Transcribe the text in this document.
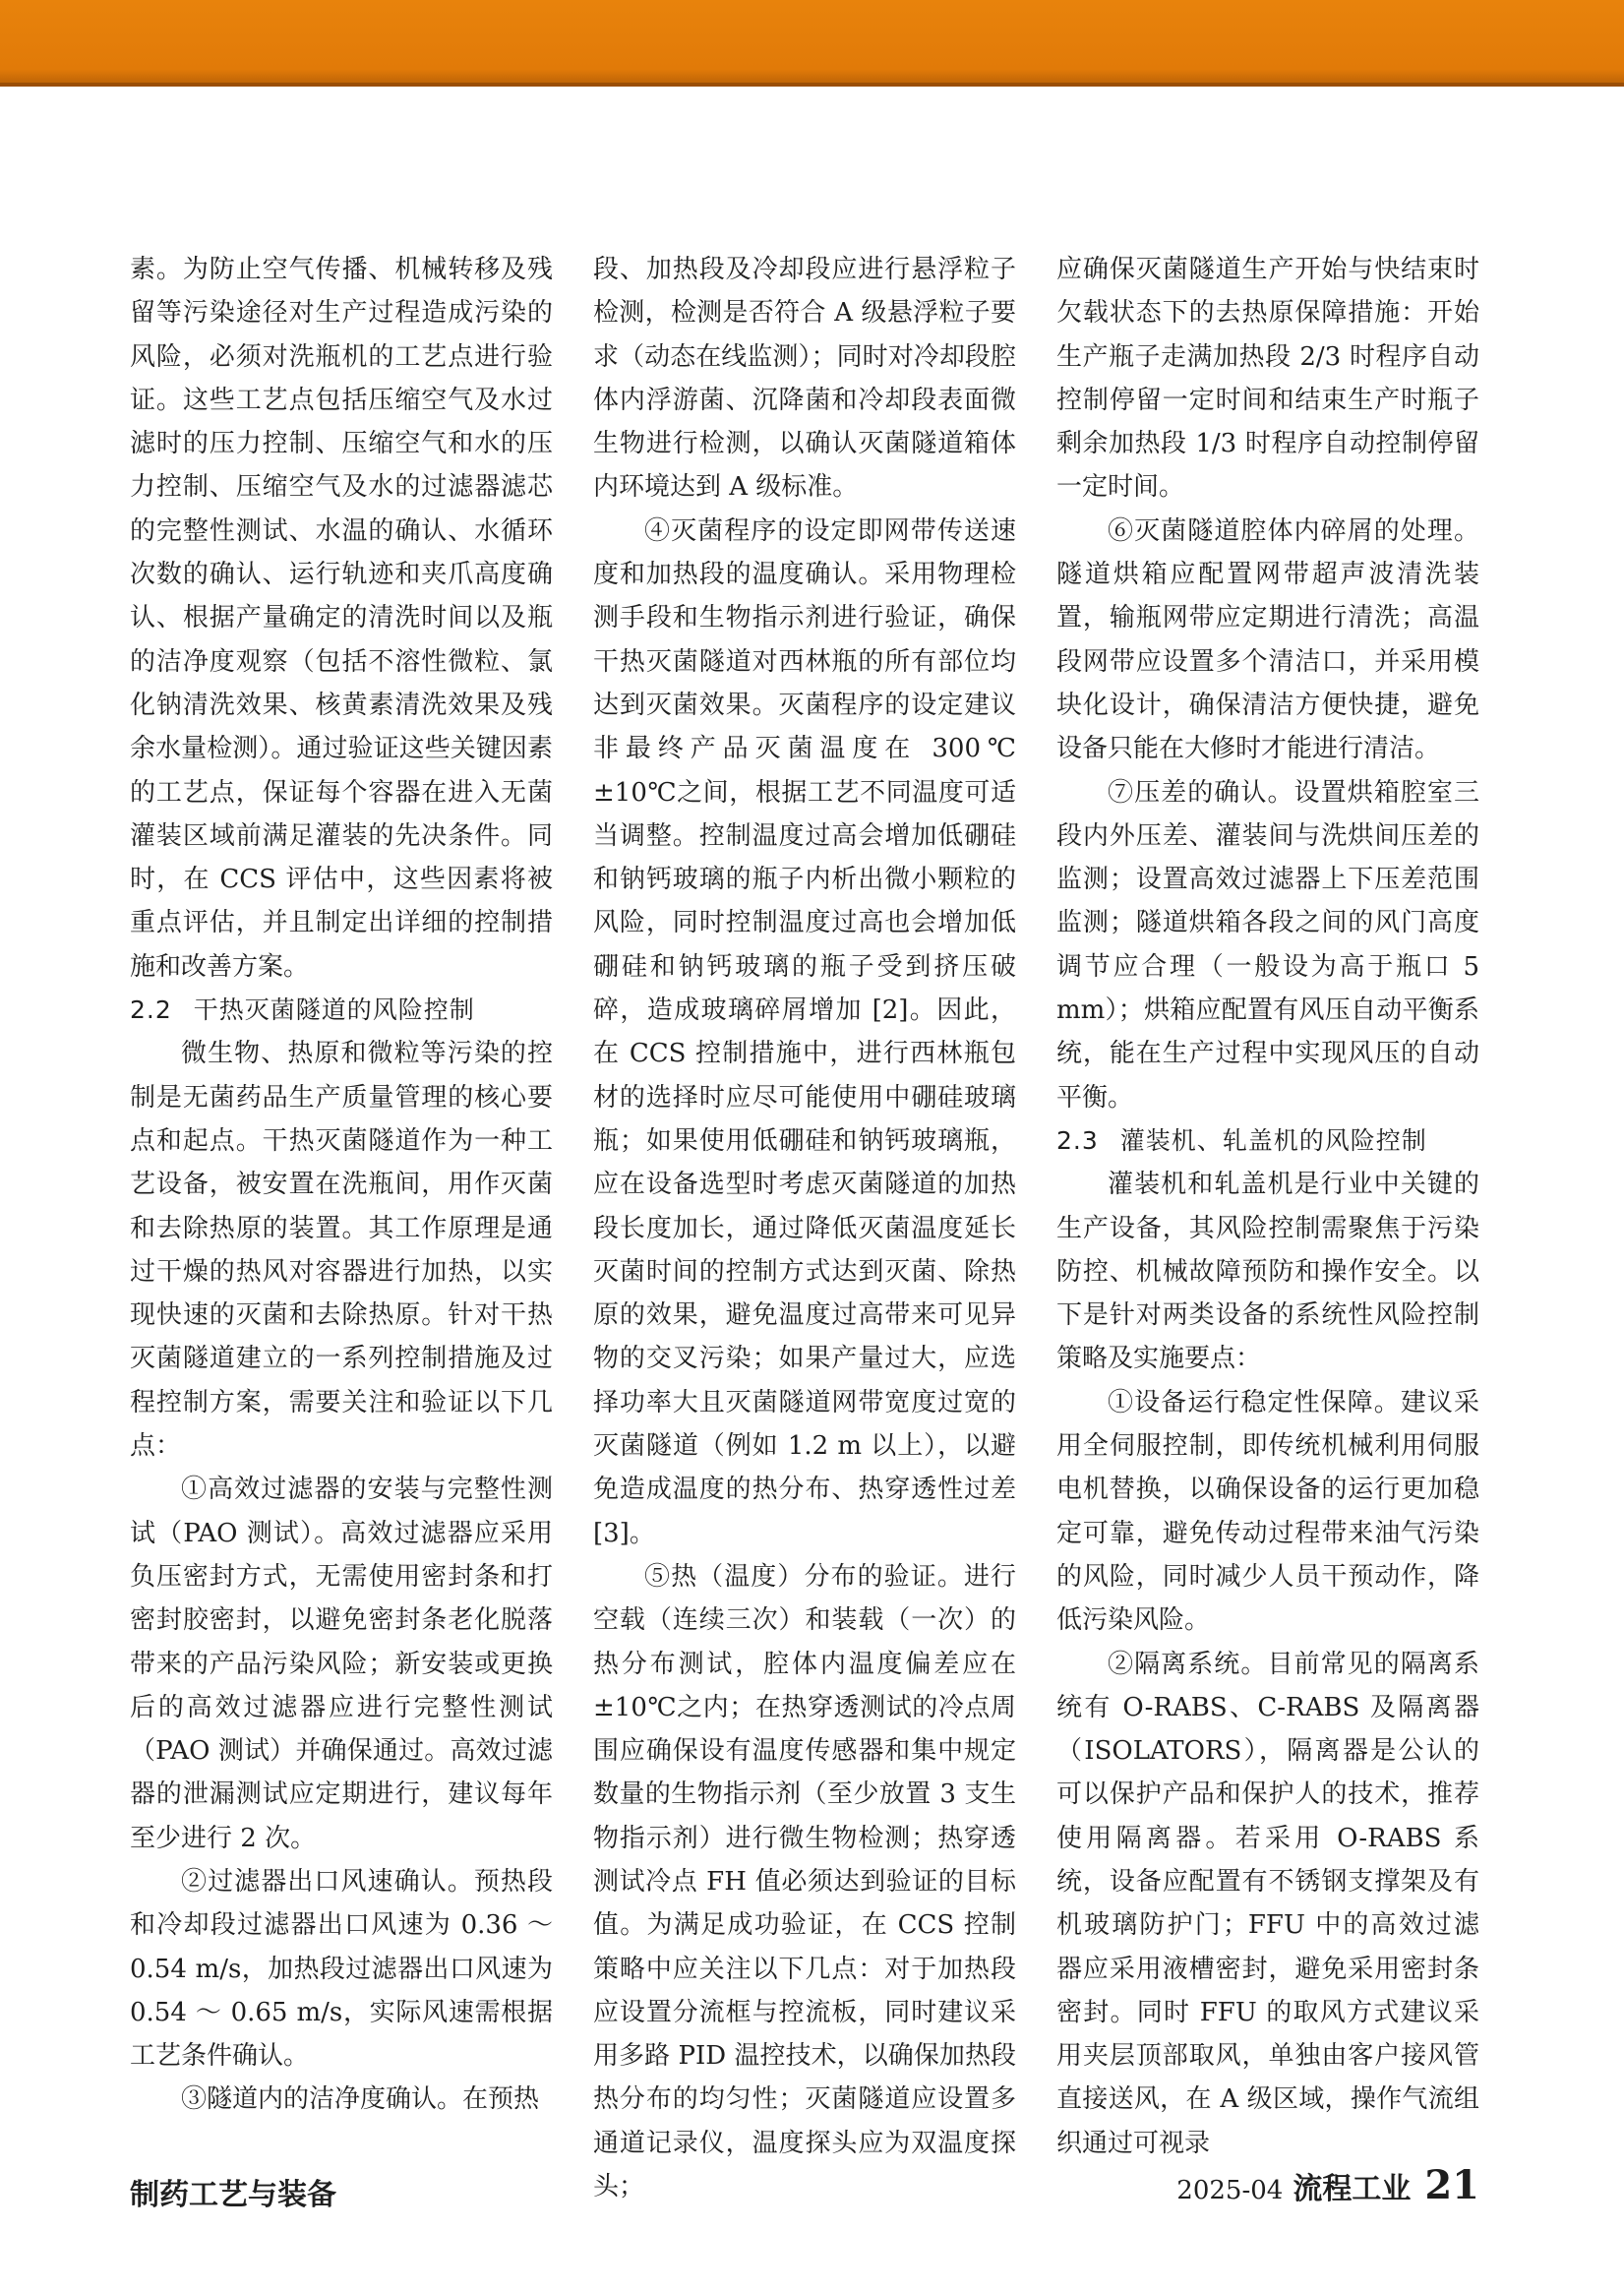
素。为防止空气传播、机械转移及残留等污染途径对生产过程造成污染的风险，必须对洗瓶机的工艺点进行验证。这些工艺点包括压缩空气及水过滤时的压力控制、压缩空气和水的压力控制、压缩空气及水的过滤器滤芯的完整性测试、水温的确认、水循环次数的确认、运行轨迹和夹爪高度确认、根据产量确定的清洗时间以及瓶的洁净度观察（包括不溶性微粒、氯化钠清洗效果、核黄素清洗效果及残余水量检测）。通过验证这些关键因素的工艺点，保证每个容器在进入无菌灌装区域前满足灌装的先决条件。同时，在 CCS 评估中，这些因素将被重点评估，并且制定出详细的控制措施和改善方案。

2.2 干热灭菌隧道的风险控制

微生物、热原和微粒等污染的控制是无菌药品生产质量管理的核心要点和起点。干热灭菌隧道作为一种工艺设备，被安置在洗瓶间，用作灭菌和去除热原的装置。其工作原理是通过干燥的热风对容器进行加热，以实现快速的灭菌和去除热原。针对干热灭菌隧道建立的一系列控制措施及过程控制方案，需要关注和验证以下几点：

①高效过滤器的安装与完整性测试（PAO 测试）。高效过滤器应采用负压密封方式，无需使用密封条和打密封胶密封，以避免密封条老化脱落带来的产品污染风险；新安装或更换后的高效过滤器应进行完整性测试（PAO 测试）并确保通过。高效过滤器的泄漏测试应定期进行，建议每年至少进行 2 次。

②过滤器出口风速确认。预热段和冷却段过滤器出口风速为 0.36 ～ 0.54 m/s，加热段过滤器出口风速为 0.54 ～ 0.65 m/s，实际风速需根据工艺条件确认。

③隧道内的洁净度确认。在预热

段、加热段及冷却段应进行悬浮粒子检测，检测是否符合 A 级悬浮粒子要求（动态在线监测）；同时对冷却段腔体内浮游菌、沉降菌和冷却段表面微生物进行检测，以确认灭菌隧道箱体内环境达到 A 级标准。

④灭菌程序的设定即网带传送速度和加热段的温度确认。采用物理检测手段和生物指示剂进行验证，确保干热灭菌隧道对西林瓶的所有部位均达到灭菌效果。灭菌程序的设定建议非最终产品灭菌温度在 300℃ ±10℃之间，根据工艺不同温度可适当调整。控制温度过高会增加低硼硅和钠钙玻璃的瓶子内析出微小颗粒的风险，同时控制温度过高也会增加低硼硅和钠钙玻璃的瓶子受到挤压破碎，造成玻璃碎屑增加 [2]。因此，在 CCS 控制措施中，进行西林瓶包材的选择时应尽可能使用中硼硅玻璃瓶；如果使用低硼硅和钠钙玻璃瓶，应在设备选型时考虑灭菌隧道的加热段长度加长，通过降低灭菌温度延长灭菌时间的控制方式达到灭菌、除热原的效果，避免温度过高带来可见异物的交叉污染；如果产量过大，应选择功率大且灭菌隧道网带宽度过宽的灭菌隧道（例如 1.2 m 以上），以避免造成温度的热分布、热穿透性过差 [3]。

⑤热（温度）分布的验证。进行空载（连续三次）和装载（一次）的热分布测试，腔体内温度偏差应在 ±10℃之内；在热穿透测试的冷点周围应确保设有温度传感器和集中规定数量的生物指示剂（至少放置 3 支生物指示剂）进行微生物检测；热穿透测试冷点 FH 值必须达到验证的目标值。为满足成功验证，在 CCS 控制策略中应关注以下几点：对于加热段应设置分流框与控流板，同时建议采用多路 PID 温控技术，以确保加热段热分布的均匀性；灭菌隧道应设置多通道记录仪，温度探头应为双温度探头；

应确保灭菌隧道生产开始与快结束时欠载状态下的去热原保障措施：开始生产瓶子走满加热段 2/3 时程序自动控制停留一定时间和结束生产时瓶子剩余加热段 1/3 时程序自动控制停留一定时间。

⑥灭菌隧道腔体内碎屑的处理。隧道烘箱应配置网带超声波清洗装置，输瓶网带应定期进行清洗；高温段网带应设置多个清洁口，并采用模块化设计，确保清洁方便快捷，避免设备只能在大修时才能进行清洁。

⑦压差的确认。设置烘箱腔室三段内外压差、灌装间与洗烘间压差的监测；设置高效过滤器上下压差范围监测；隧道烘箱各段之间的风门高度调节应合理（一般设为高于瓶口 5 mm）；烘箱应配置有风压自动平衡系统，能在生产过程中实现风压的自动平衡。

2.3 灌装机、轧盖机的风险控制

灌装机和轧盖机是行业中关键的生产设备，其风险控制需聚焦于污染防控、机械故障预防和操作安全。以下是针对两类设备的系统性风险控制策略及实施要点：

①设备运行稳定性保障。建议采用全伺服控制，即传统机械利用伺服电机替换，以确保设备的运行更加稳定可靠，避免传动过程带来油气污染的风险，同时减少人员干预动作，降低污染风险。

②隔离系统。目前常见的隔离系统有 O-RABS、C-RABS 及隔离器（ISOLATORS），隔离器是公认的可以保护产品和保护人的技术，推荐使用隔离器。若采用 O-RABS 系统，设备应配置有不锈钢支撑架及有机玻璃防护门；FFU 中的高效过滤器应采用液槽密封，避免采用密封条密封。同时 FFU 的取风方式建议采用夹层顶部取风，单独由客户接风管直接送风，在 A 级区域，操作气流组织通过可视录

制药工艺与装备	2025-04 流程工业 21
